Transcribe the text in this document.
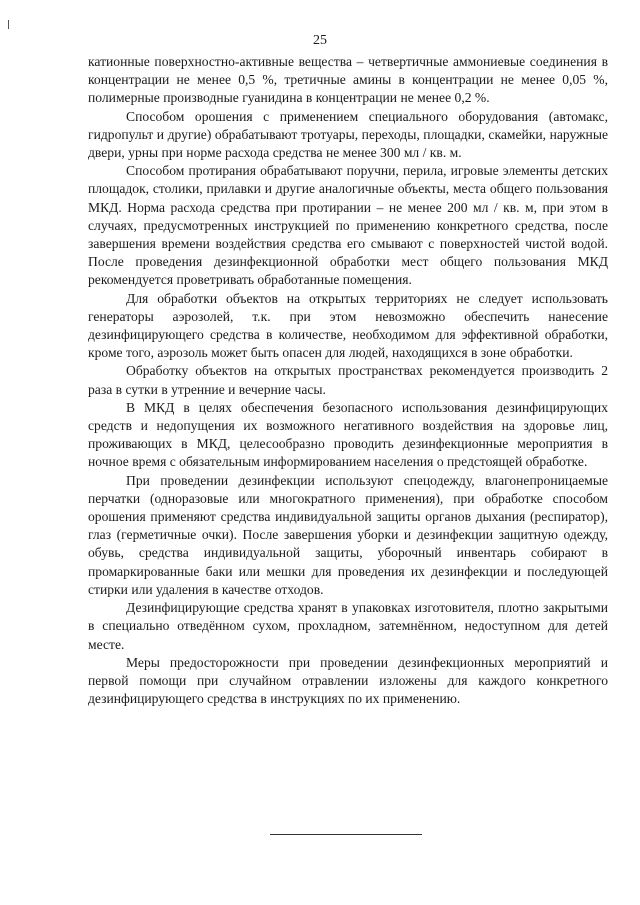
25

катионные поверхностно-активные вещества – четвертичные аммониевые соединения в концентрации не менее 0,5 %, третичные амины в концентрации не менее 0,05 %, полимерные производные гуанидина в концентрации не менее 0,2 %.

Способом орошения с применением специального оборудования (автомакс, гидропульт и другие) обрабатывают тротуары, переходы, площадки, скамейки, наружные двери, урны при норме расхода средства не менее 300 мл / кв. м.

Способом протирания обрабатывают поручни, перила, игровые элементы детских площадок, столики, прилавки и другие аналогичные объекты, места общего пользования МКД. Норма расхода средства при протирании – не менее 200 мл / кв. м, при этом в случаях, предусмотренных инструкцией по применению конкретного средства, после завершения времени воздействия средства его смывают с поверхностей чистой водой. После проведения дезинфекционной обработки мест общего пользования МКД рекомендуется проветривать обработанные помещения.

Для обработки объектов на открытых территориях не следует использовать генераторы аэрозолей, т.к. при этом невозможно обеспечить нанесение дезинфицирующего средства в количестве, необходимом для эффективной обработки, кроме того, аэрозоль может быть опасен для людей, находящихся в зоне обработки.

Обработку объектов на открытых пространствах рекомендуется производить 2 раза в сутки в утренние и вечерние часы.

В МКД в целях обеспечения безопасного использования дезинфицирующих средств и недопущения их возможного негативного воздействия на здоровье лиц, проживающих в МКД, целесообразно проводить дезинфекционные мероприятия в ночное время с обязательным информированием населения о предстоящей обработке.

При проведении дезинфекции используют спецодежду, влагонепроницаемые перчатки (одноразовые или многократного применения), при обработке способом орошения применяют средства индивидуальной защиты органов дыхания (респиратор), глаз (герметичные очки). После завершения уборки и дезинфекции защитную одежду, обувь, средства индивидуальной защиты, уборочный инвентарь собирают в промаркированные баки или мешки для проведения их дезинфекции и последующей стирки или удаления в качестве отходов.

Дезинфицирующие средства хранят в упаковках изготовителя, плотно закрытыми в специально отведённом сухом, прохладном, затемнённом, недоступном для детей месте.

Меры предосторожности при проведении дезинфекционных мероприятий и первой помощи при случайном отравлении изложены для каждого конкретного дезинфицирующего средства в инструкциях по их применению.
